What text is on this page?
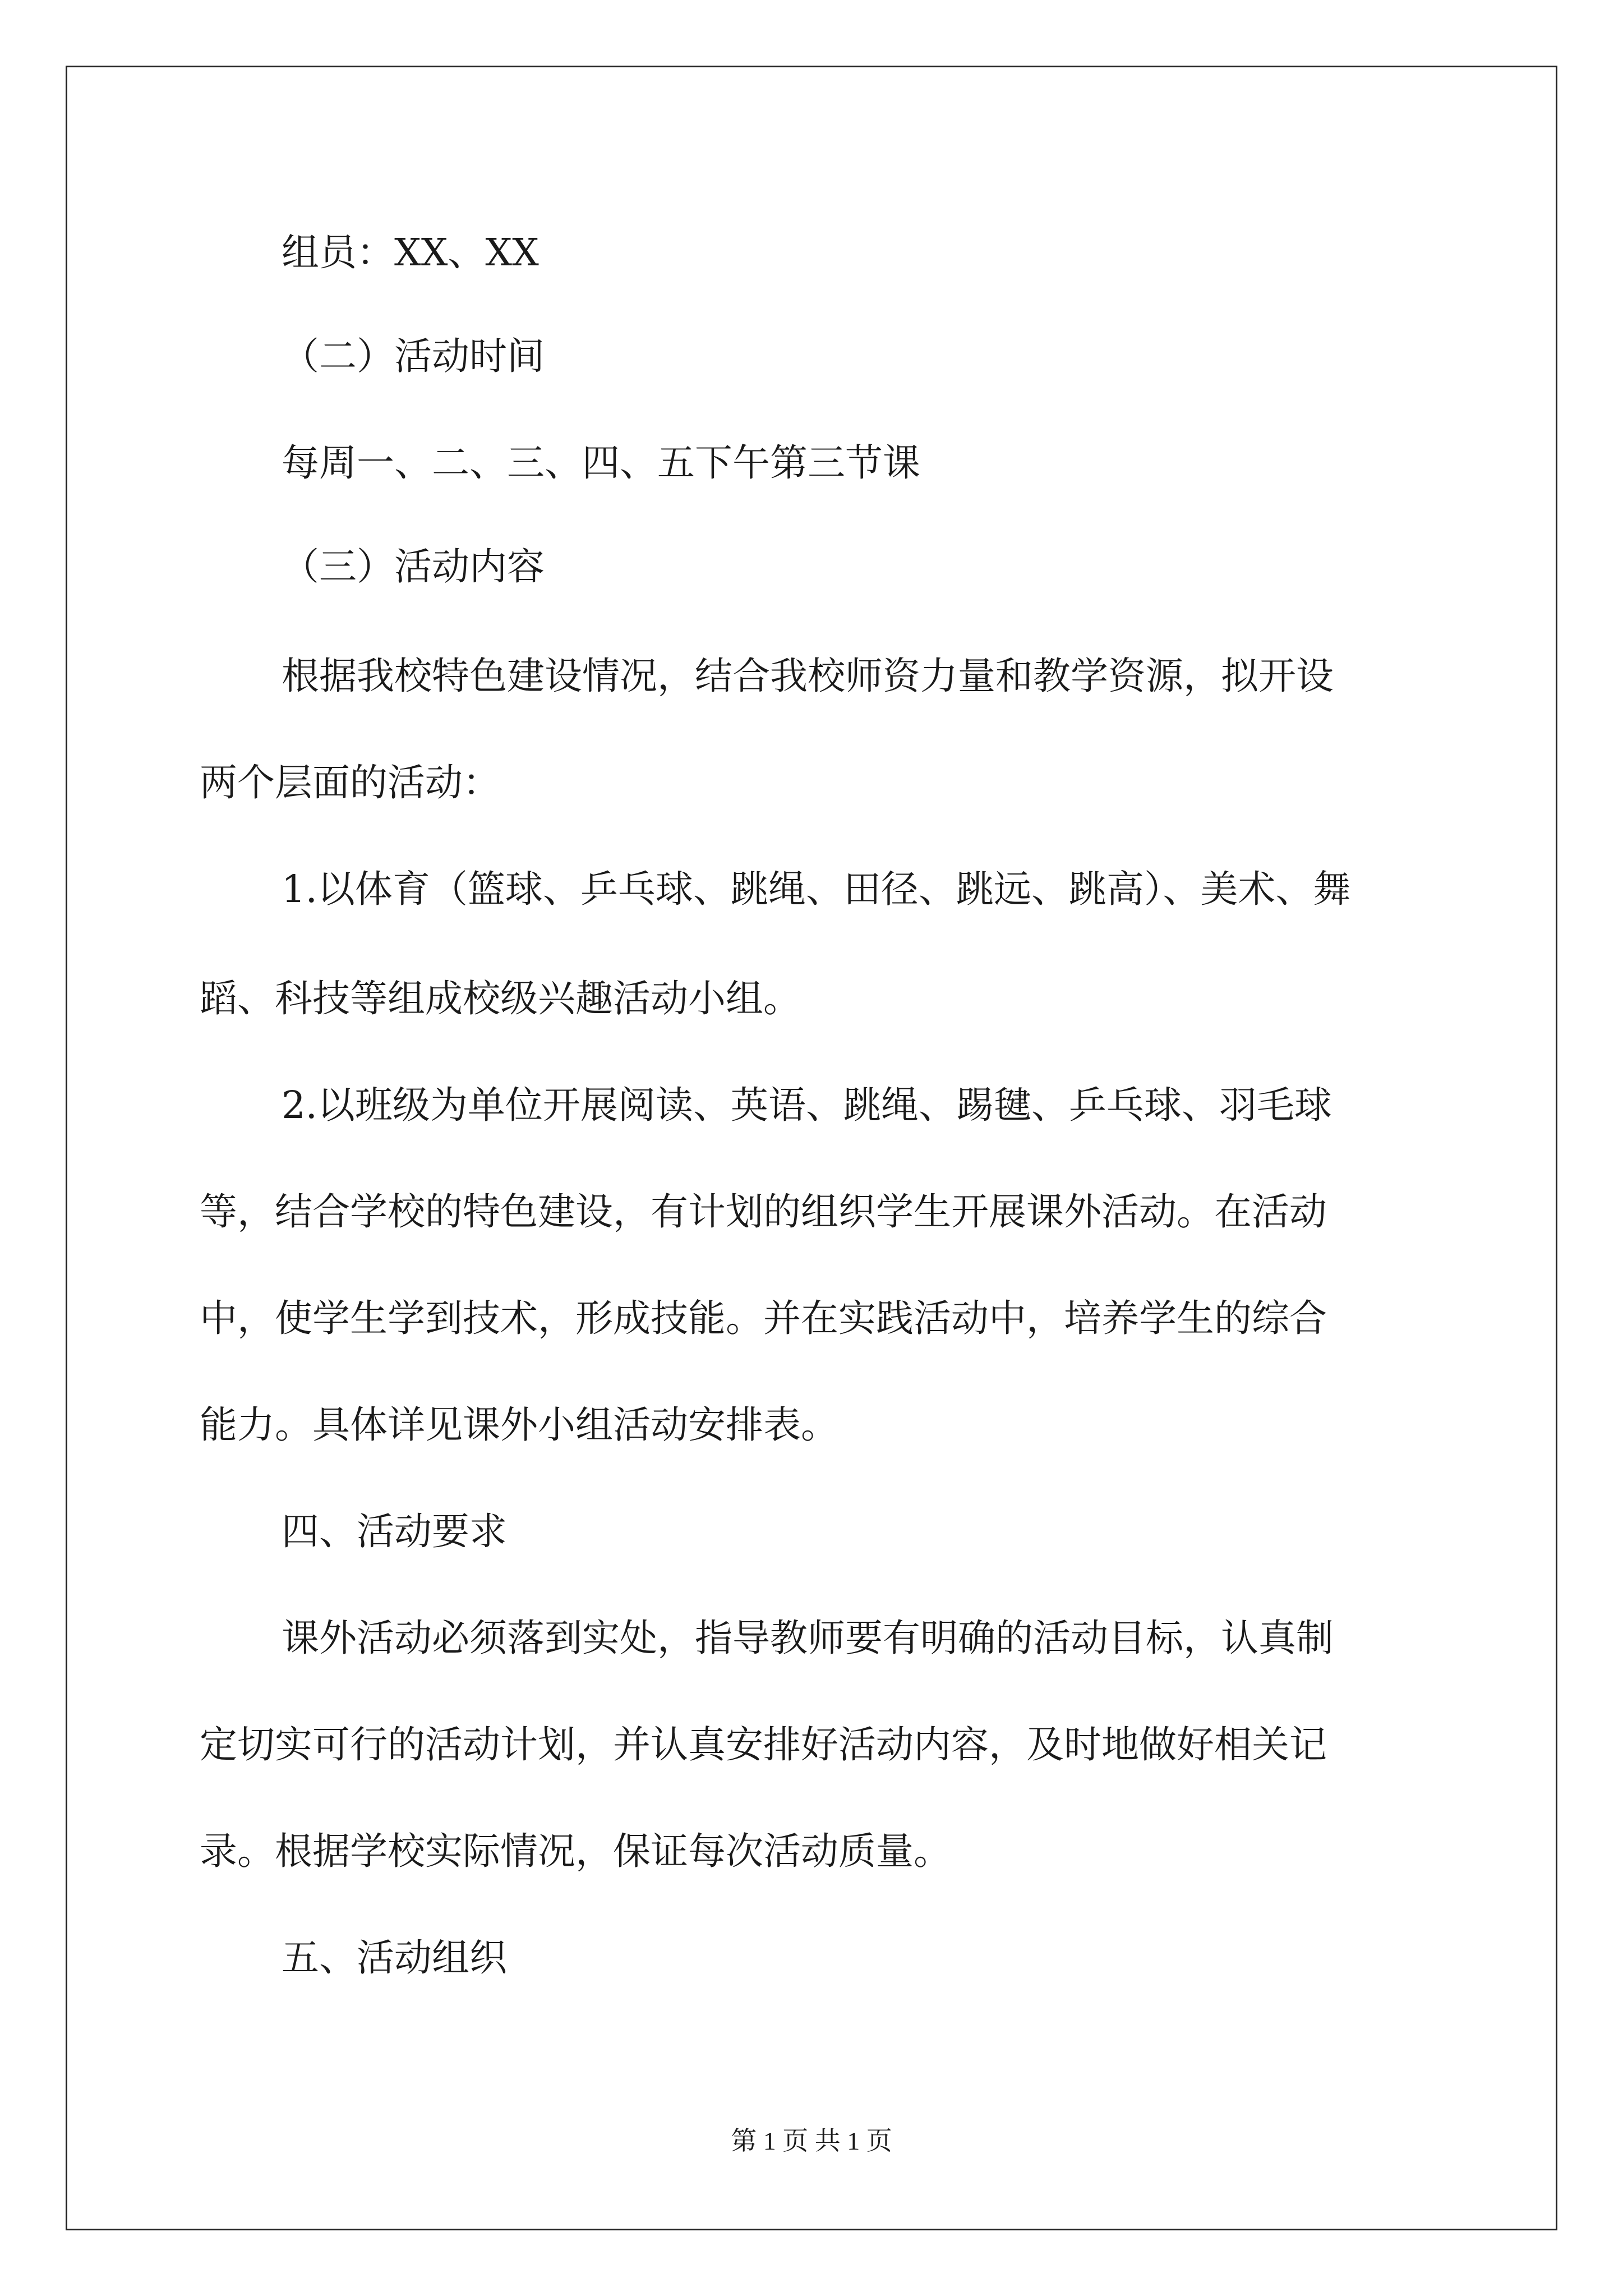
组员：XX、XX
（二）活动时间
每周一、二、三、四、五下午第三节课
（三）活动内容
根据我校特色建设情况，结合我校师资力量和教学资源，拟开设
两个层面的活动：
1.以体育（篮球、乒乓球、跳绳、田径、跳远、跳高）、美术、舞
蹈、科技等组成校级兴趣活动小组。
2.以班级为单位开展阅读、英语、跳绳、踢毽、乒乓球、羽毛球
等，结合学校的特色建设，有计划的组织学生开展课外活动。在活动
中，使学生学到技术，形成技能。并在实践活动中，培养学生的综合
能力。具体详见课外小组活动安排表。
四、活动要求
课外活动必须落到实处，指导教师要有明确的活动目标，认真制
定切实可行的活动计划，并认真安排好活动内容，及时地做好相关记
录。根据学校实际情况，保证每次活动质量。
五、活动组织
第 1 页 共 1 页
